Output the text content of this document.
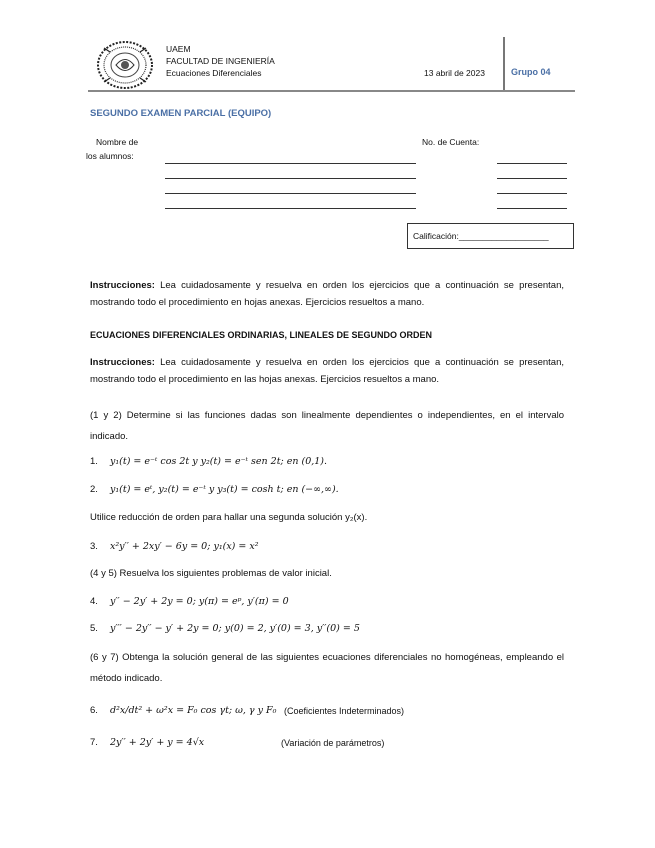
UAEM
FACULTAD DE INGENIERÍA
Ecuaciones Diferenciales	13 abril de 2023	Grupo 04
SEGUNDO EXAMEN PARCIAL (EQUIPO)
Nombre de
los alumnos:
No. de Cuenta:
Calificación:___________________
Instrucciones: Lea cuidadosamente y resuelva en orden los ejercicios que a continuación se presentan, mostrando todo el procedimiento en hojas anexas. Ejercicios resueltos a mano.
ECUACIONES DIFERENCIALES ORDINARIAS, LINEALES DE SEGUNDO ORDEN
Instrucciones: Lea cuidadosamente y resuelva en orden los ejercicios que a continuación se presentan, mostrando todo el procedimiento en las hojas anexas. Ejercicios resueltos a mano.
(1 y 2) Determine si las funciones dadas son linealmente dependientes o independientes, en el intervalo indicado.
1. y₁(t) = e⁻ᵗ cos 2t y y₂(t) = e⁻ᵗ sen 2t; en (0,1).
2. y₁(t) = eᵗ, y₂(t) = e⁻ᵗ y y₃(t) = cosh t; en (−∞,∞).
Utilice reducción de orden para hallar una segunda solución y₂(x).
3. x²y′′ + 2xy′ − 6y = 0; y₁(x) = x²
(4 y 5) Resuelva los siguientes problemas de valor inicial.
4. y′′ − 2y′ + 2y = 0; y(π) = eᵖ, y′(π) = 0
5. y′′′ − 2y′′ − y′ + 2y = 0; y(0) = 2, y′(0) = 3, y′′(0) = 5
(6 y 7) Obtenga la solución general de las siguientes ecuaciones diferenciales no homogéneas, empleando el método indicado.
6. d²x/dt² + ω²x = F₀ cos γt; ω, γ y F₀ (Coeficientes Indeterminados)
7. 2y′′ + 2y′ + y = 4√x	(Variación de parámetros)
